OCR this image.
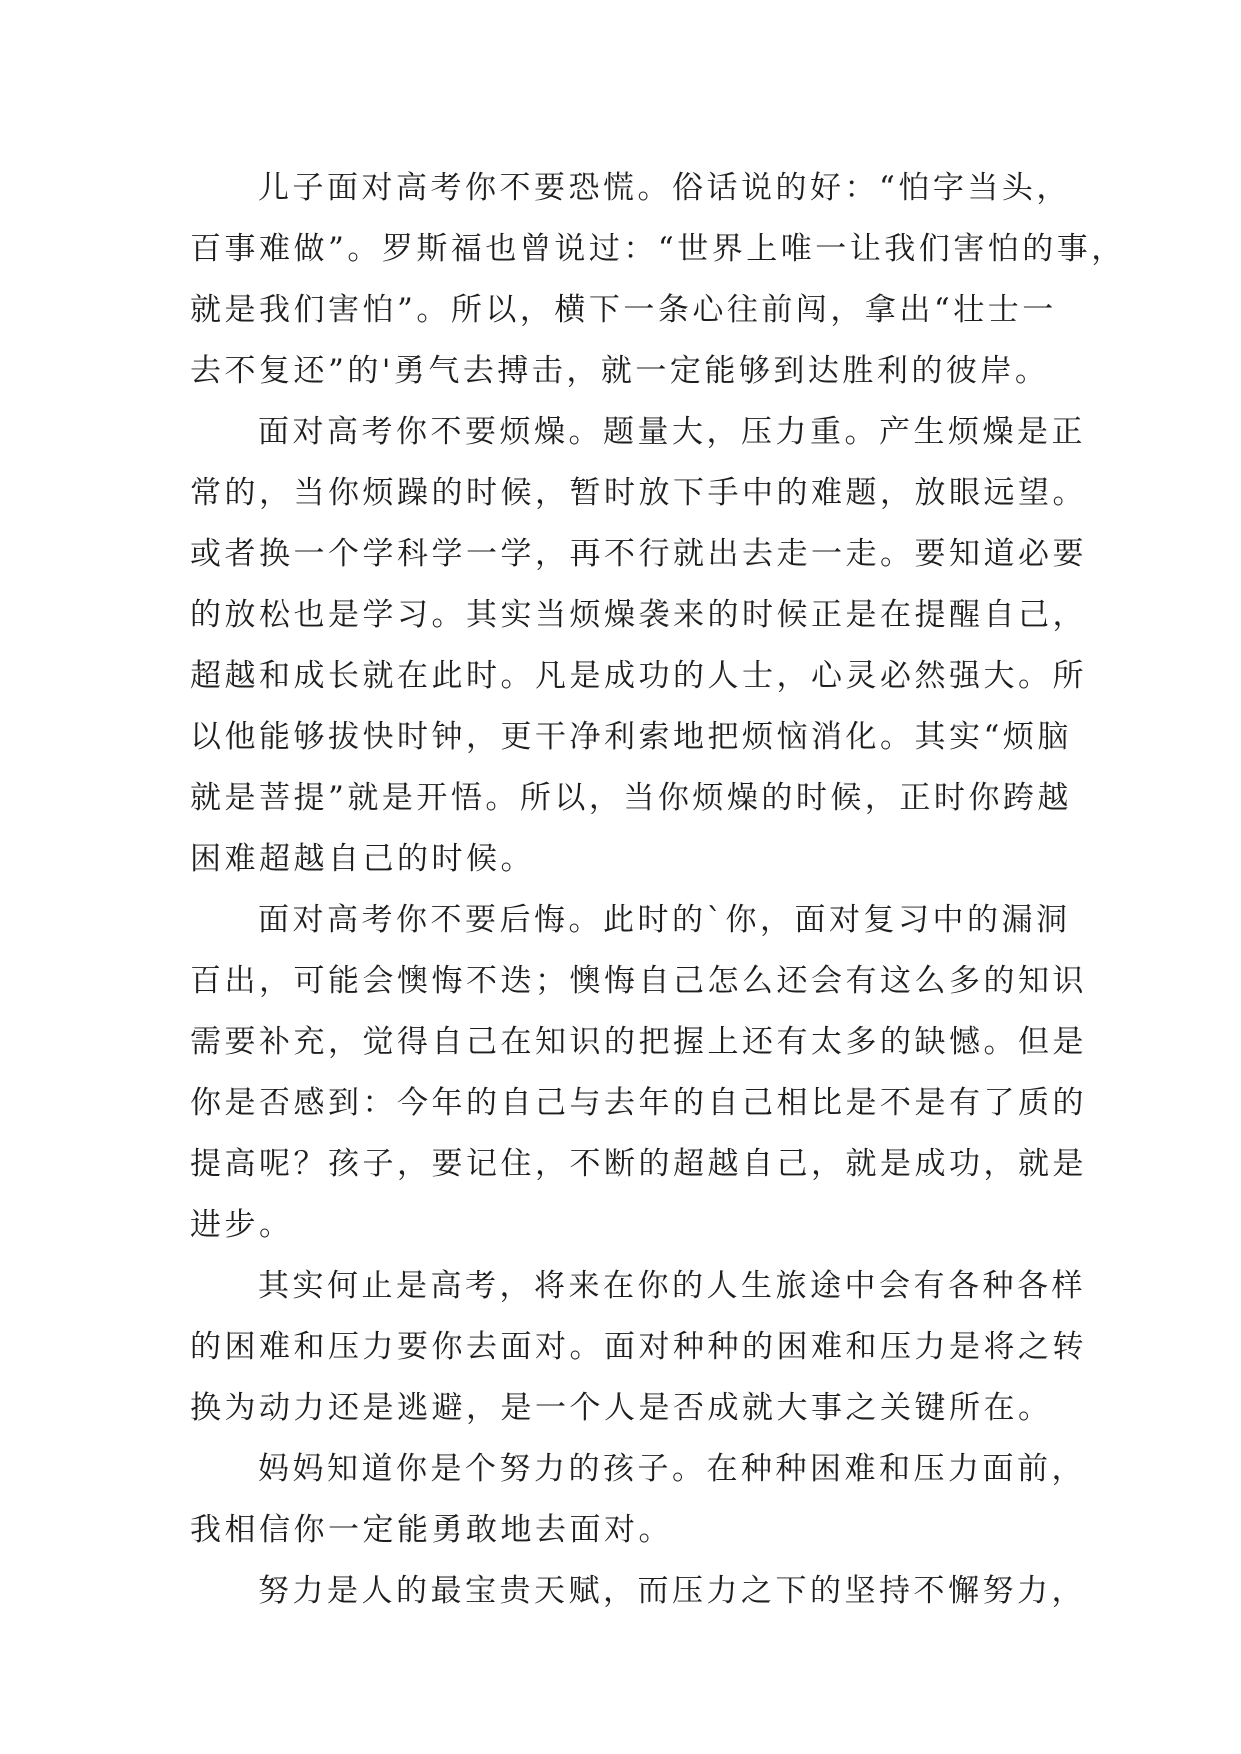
儿子面对高考你不要恐慌。俗话说的好：“怕字当头，
百事难做”。罗斯福也曾说过：“世界上唯一让我们害怕的事，
就是我们害怕”。所以，横下一条心往前闯，拿出“壮士一
去不复还”的'勇气去搏击，就一定能够到达胜利的彼岸。
面对高考你不要烦燥。题量大，压力重。产生烦燥是正
常的，当你烦躁的时候，暂时放下手中的难题，放眼远望。
或者换一个学科学一学，再不行就出去走一走。要知道必要
的放松也是学习。其实当烦燥袭来的时候正是在提醒自己，
超越和成长就在此时。凡是成功的人士，心灵必然强大。所
以他能够拔快时钟，更干净利索地把烦恼消化。其实“烦脑
就是菩提”就是开悟。所以，当你烦燥的时候，正时你跨越
困难超越自己的时候。
面对高考你不要后悔。此时的`你，面对复习中的漏洞
百出，可能会懊悔不迭；懊悔自己怎么还会有这么多的知识
需要补充，觉得自己在知识的把握上还有太多的缺憾。但是
你是否感到：今年的自己与去年的自己相比是不是有了质的
提高呢？孩子，要记住，不断的超越自己，就是成功，就是
进步。
其实何止是高考，将来在你的人生旅途中会有各种各样
的困难和压力要你去面对。面对种种的困难和压力是将之转
换为动力还是逃避，是一个人是否成就大事之关键所在。
妈妈知道你是个努力的孩子。在种种困难和压力面前，
我相信你一定能勇敢地去面对。
努力是人的最宝贵天赋，而压力之下的坚持不懈努力，
